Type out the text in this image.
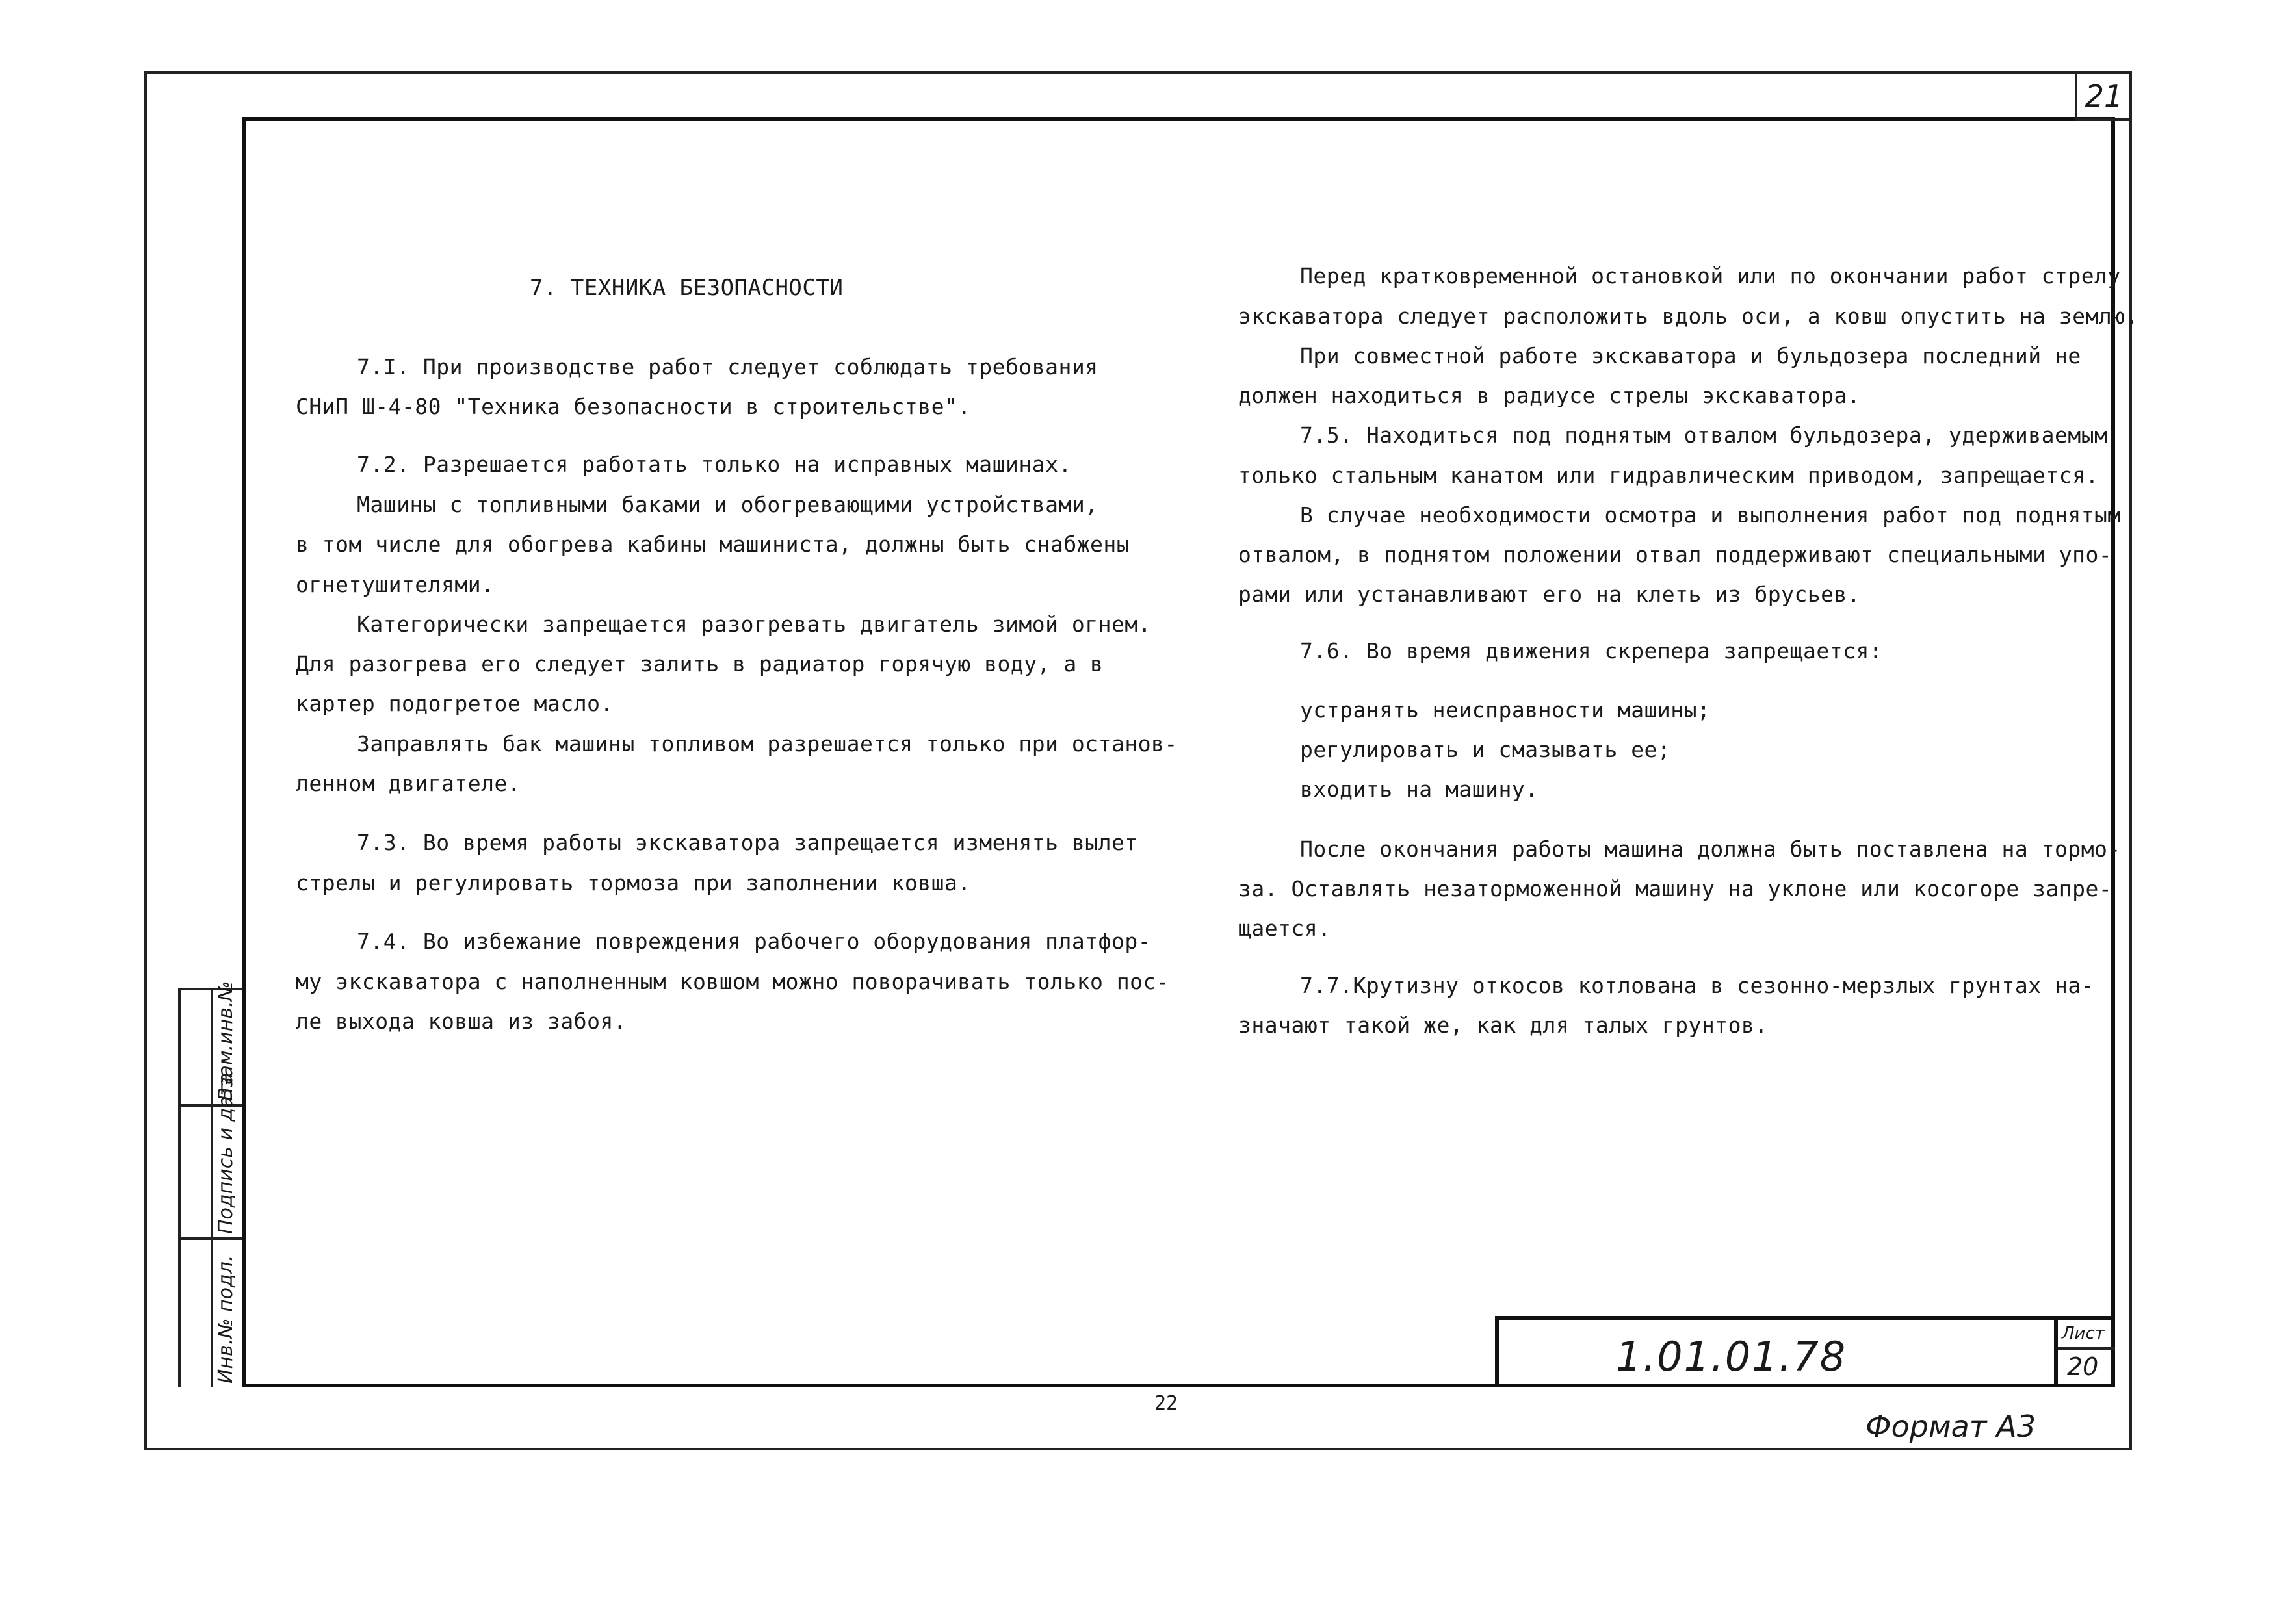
21
7. ТЕХНИКА БЕЗОПАСНОСТИ
7.I. При производстве работ следует соблюдать требования
СНиП Ш-4-80 "Техника безопасности в строительстве".
7.2. Разрешается работать только на исправных машинах.
Машины с топливными баками и обогревающими устройствами,
в том числе для обогрева кабины машиниста, должны быть снабжены
огнетушителями.
Категорически запрещается разогревать двигатель зимой огнем.
Для разогрева его следует залить в радиатор горячую воду, а в
картер подогретое масло.
Заправлять бак машины топливом разрешается только при останов-
ленном двигателе.
7.3. Во время работы экскаватора запрещается изменять вылет
стрелы и регулировать тормоза при заполнении ковша.
7.4. Во избежание повреждения рабочего оборудования платфор-
му экскаватора с наполненным ковшом можно поворачивать только пос-
ле выхода ковша из забоя.
Перед кратковременной остановкой или по окончании работ стрелу
экскаватора следует расположить вдоль оси, а ковш опустить на землю.
При совместной работе экскаватора и бульдозера последний не
должен находиться в радиусе стрелы экскаватора.
7.5. Находиться под поднятым отвалом бульдозера, удерживаемым
только стальным канатом или гидравлическим приводом, запрещается.
В случае необходимости осмотра и выполнения работ под поднятым
отвалом, в поднятом положении отвал поддерживают специальными упо-
рами или устанавливают его на клеть из брусьев.
7.6. Во время движения скрепера запрещается:
устранять неисправности машины;
регулировать и смазывать ее;
входить на машину.
После окончания работы машина должна быть поставлена на тормо-
за. Оставлять незаторможенной машину на уклоне или косогоре запре-
щается.
7.7.Крутизну откосов котлована в сезонно-мерзлых грунтах на-
значают такой же, как для талых грунтов.
Взам.инв.№
Подпись и дата
Инв.№ подл.	1.01.01.78	Лист
20
22
Формат А3
